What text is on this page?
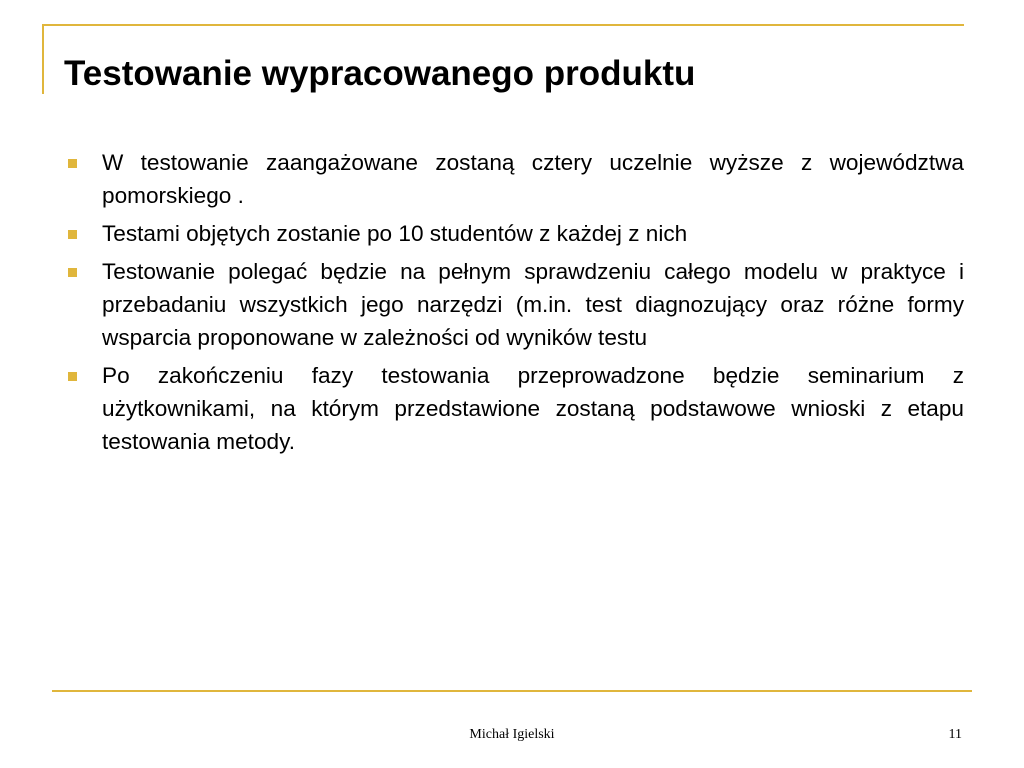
Testowanie wypracowanego produktu
W testowanie zaangażowane zostaną cztery uczelnie wyższe z województwa pomorskiego .
Testami objętych zostanie po 10 studentów z każdej z nich
Testowanie polegać będzie na pełnym sprawdzeniu całego modelu w praktyce i przebadaniu wszystkich jego narzędzi (m.in. test diagnozujący oraz różne formy wsparcia proponowane w zależności od wyników testu
Po zakończeniu fazy testowania przeprowadzone będzie seminarium z użytkownikami, na którym przedstawione zostaną podstawowe wnioski z etapu testowania metody.
Michał Igielski	11
